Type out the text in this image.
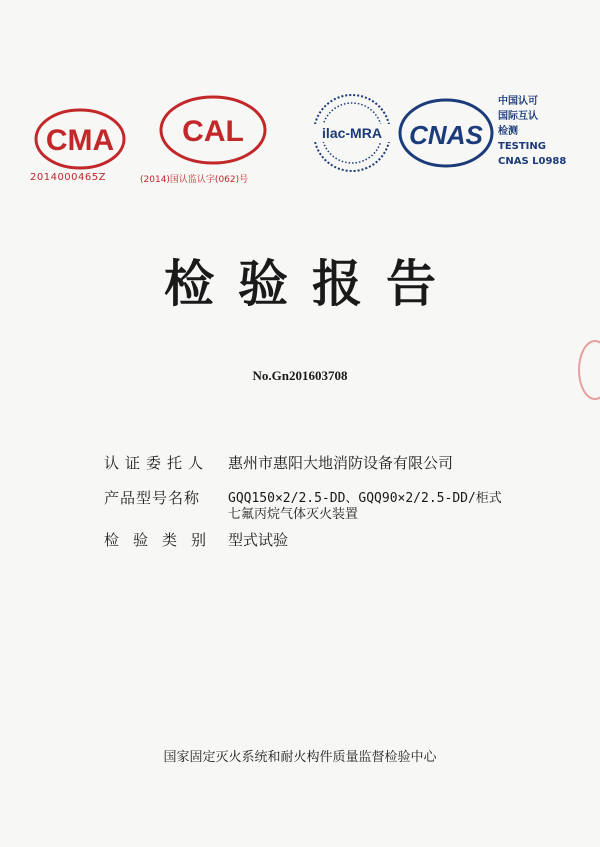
CMA
2014000465Z
CAL
(2014)国认监认字(062)号
ilac-MRA CNAS
中国认可
国际互认
检测
TESTING
CNAS L0988
检验报告
No.Gn201603708
认证委托人 惠州市惠阳大地消防设备有限公司
产品型号名称 GQQ150×2/2.5-DD、GQQ90×2/2.5-DD/柜式
七氟丙烷气体灭火装置
检验类别 型式试验
国家固定灭火系统和耐火构件质量监督检验中心
